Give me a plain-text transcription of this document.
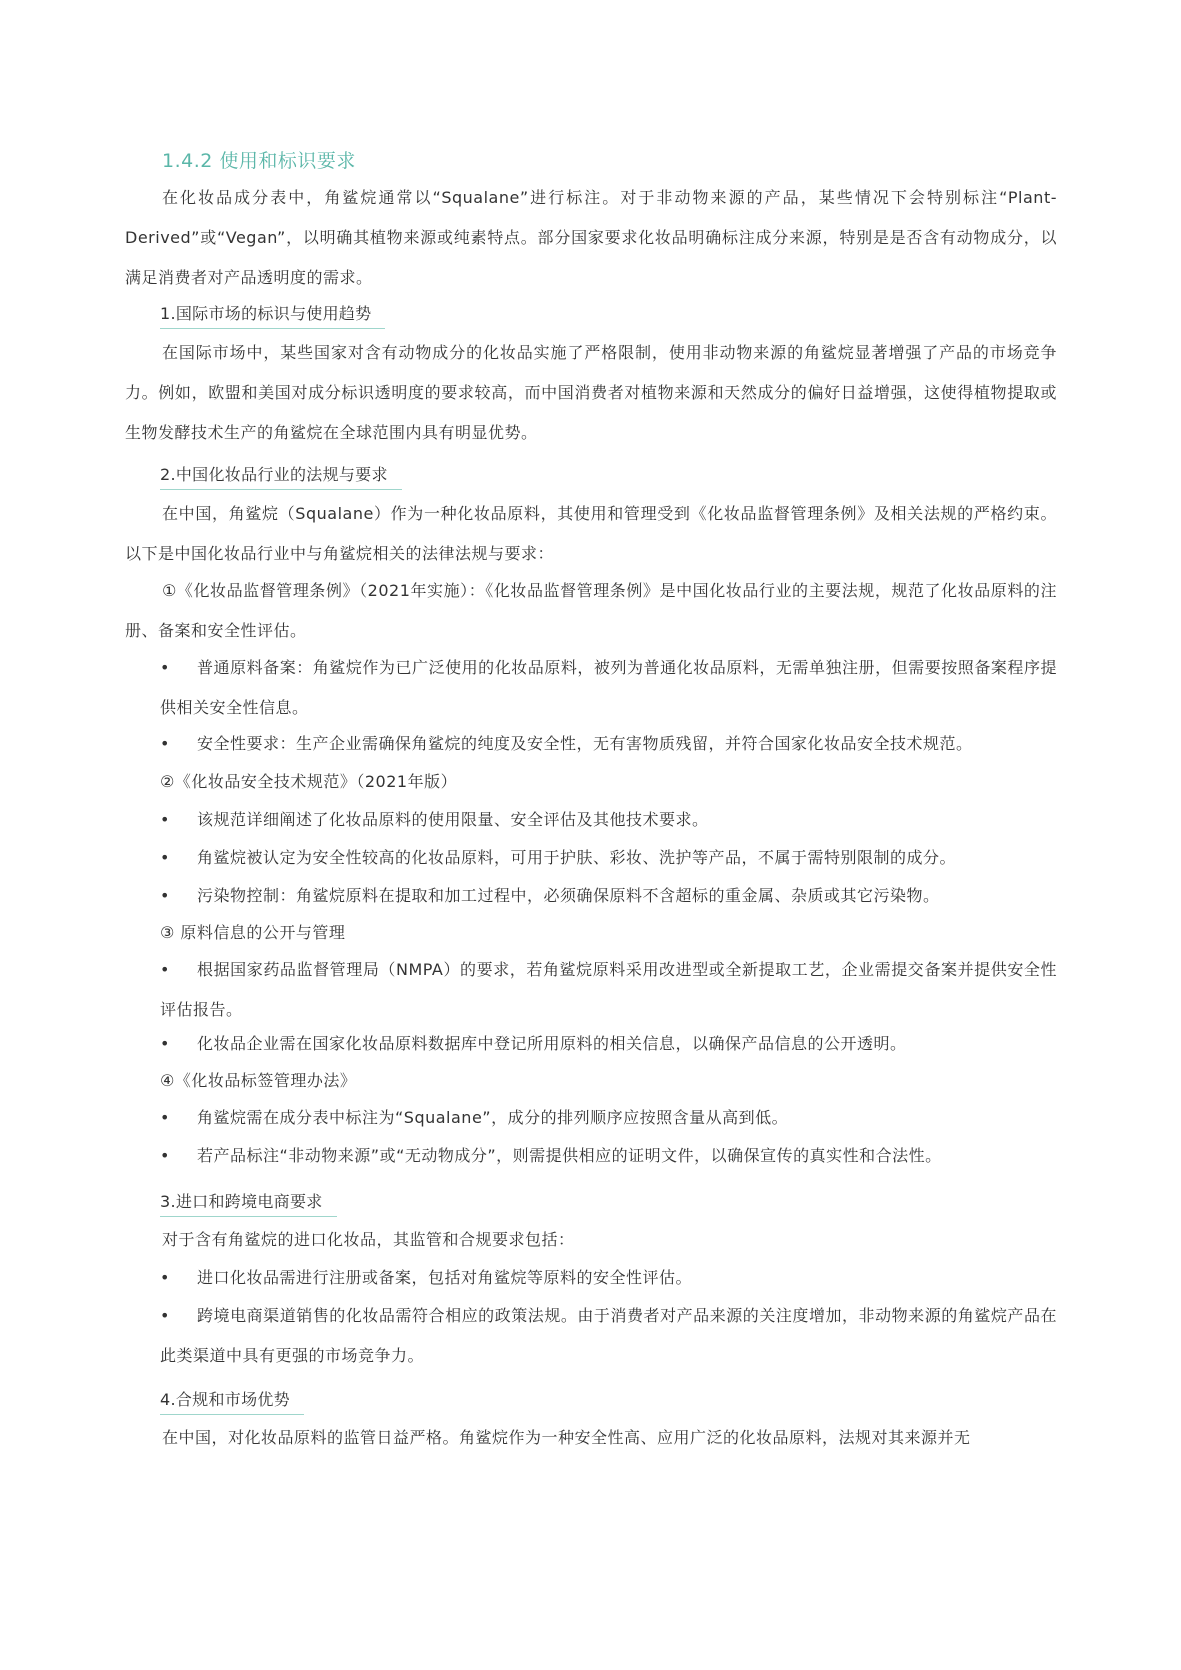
1.4.2 使用和标识要求

在化妆品成分表中，角鲨烷通常以“Squalane”进行标注。对于非动物来源的产品，某些情况下会特别标注“Plant-Derived”或“Vegan”，以明确其植物来源或纯素特点。部分国家要求化妆品明确标注成分来源，特别是是否含有动物成分，以满足消费者对产品透明度的需求。

1.国际市场的标识与使用趋势

在国际市场中，某些国家对含有动物成分的化妆品实施了严格限制，使用非动物来源的角鲨烷显著增强了产品的市场竞争力。例如，欧盟和美国对成分标识透明度的要求较高，而中国消费者对植物来源和天然成分的偏好日益增强，这使得植物提取或生物发酵技术生产的角鲨烷在全球范围内具有明显优势。

2.中国化妆品行业的法规与要求

在中国，角鲨烷（Squalane）作为一种化妆品原料，其使用和管理受到《化妆品监督管理条例》及相关法规的严格约束。以下是中国化妆品行业中与角鲨烷相关的法律法规与要求：

①《化妆品监督管理条例》（2021年实施）：《化妆品监督管理条例》是中国化妆品行业的主要法规，规范了化妆品原料的注册、备案和安全性评估。

•	普通原料备案：角鲨烷作为已广泛使用的化妆品原料，被列为普通化妆品原料，无需单独注册，但需要按照备案程序提供相关安全性信息。
•	安全性要求：生产企业需确保角鲨烷的纯度及安全性，无有害物质残留，并符合国家化妆品安全技术规范。
②《化妆品安全技术规范》（2021年版）
•	该规范详细阐述了化妆品原料的使用限量、安全评估及其他技术要求。
•	角鲨烷被认定为安全性较高的化妆品原料，可用于护肤、彩妆、洗护等产品，不属于需特别限制的成分。
•	污染物控制：角鲨烷原料在提取和加工过程中，必须确保原料不含超标的重金属、杂质或其它污染物。
③ 原料信息的公开与管理
•	根据国家药品监督管理局（NMPA）的要求，若角鲨烷原料采用改进型或全新提取工艺，企业需提交备案并提供安全性评估报告。
•	化妆品企业需在国家化妆品原料数据库中登记所用原料的相关信息，以确保产品信息的公开透明。
④《化妆品标签管理办法》
•	角鲨烷需在成分表中标注为“Squalane”，成分的排列顺序应按照含量从高到低。
•	若产品标注“非动物来源”或“无动物成分”，则需提供相应的证明文件，以确保宣传的真实性和合法性。
3.进口和跨境电商要求

对于含有角鲨烷的进口化妆品，其监管和合规要求包括：

•	进口化妆品需进行注册或备案，包括对角鲨烷等原料的安全性评估。
•	跨境电商渠道销售的化妆品需符合相应的政策法规。由于消费者对产品来源的关注度增加，非动物来源的角鲨烷产品在此类渠道中具有更强的市场竞争力。
4.合规和市场优势

在中国，对化妆品原料的监管日益严格。角鲨烷作为一种安全性高、应用广泛的化妆品原料，法规对其来源并无
